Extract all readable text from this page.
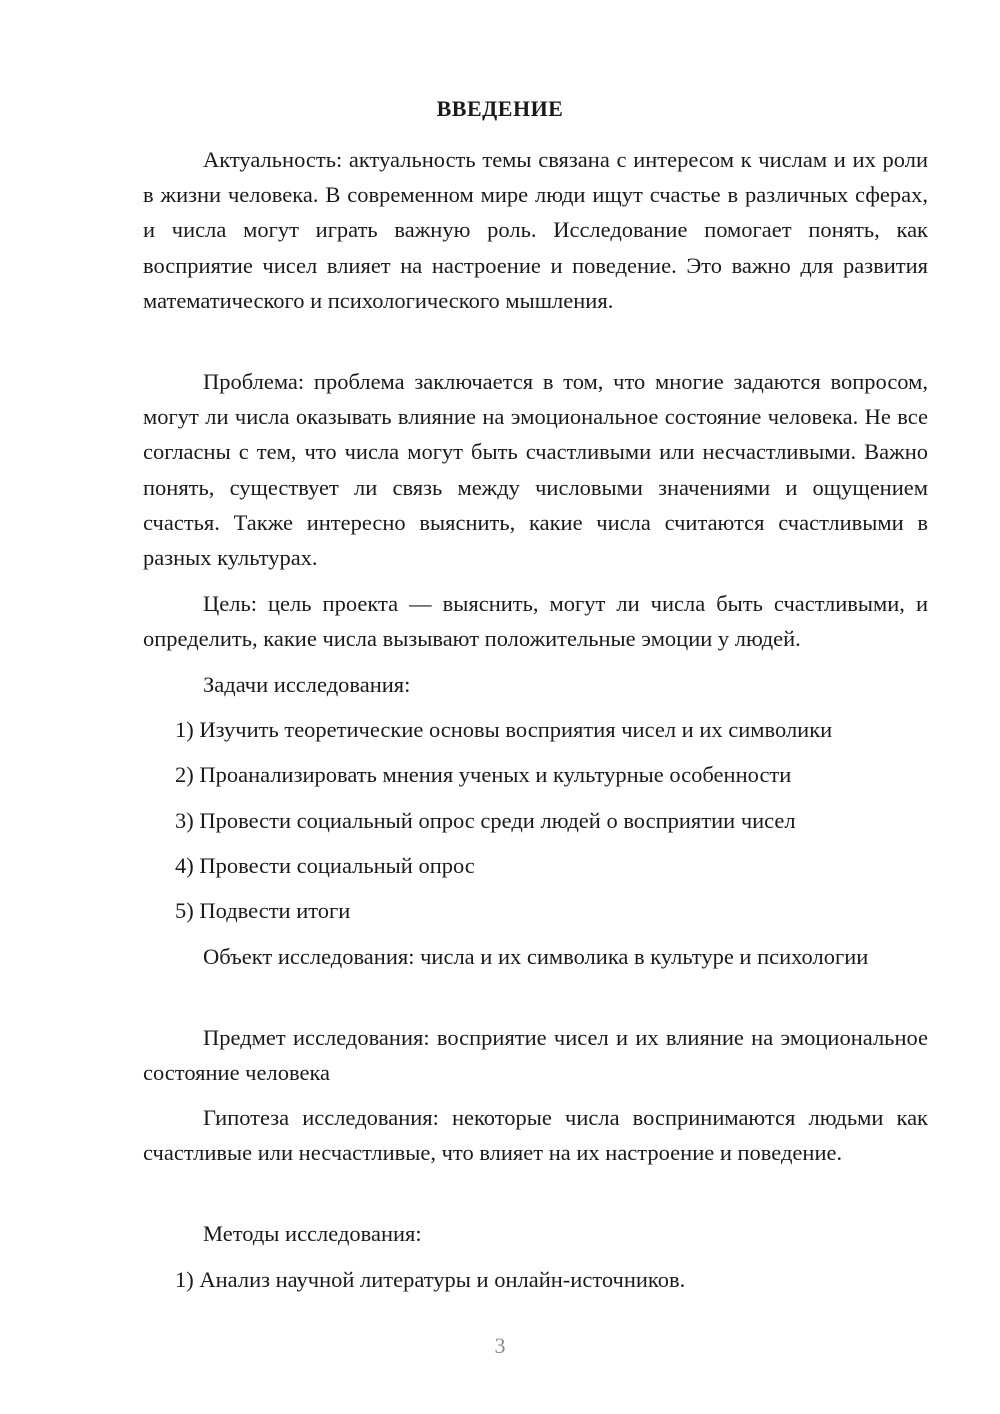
ВВЕДЕНИЕ
Актуальность: актуальность темы связана с интересом к числам и их роли в жизни человека. В современном мире люди ищут счастье в различных сферах, и числа могут играть важную роль. Исследование помогает понять, как восприятие чисел влияет на настроение и поведение. Это важно для развития математического и психологического мышления.
Проблема: проблема заключается в том, что многие задаются вопросом, могут ли числа оказывать влияние на эмоциональное состояние человека. Не все согласны с тем, что числа могут быть счастливыми или несчастливыми. Важно понять, существует ли связь между числовыми значениями и ощущением счастья. Также интересно выяснить, какие числа считаются счастливыми в разных культурах.
Цель: цель проекта — выяснить, могут ли числа быть счастливыми, и определить, какие числа вызывают положительные эмоции у людей.
Задачи исследования:
1) Изучить теоретические основы восприятия чисел и их символики
2) Проанализировать мнения ученых и культурные особенности
3) Провести социальный опрос среди людей о восприятии чисел
4) Провести социальный опрос
5) Подвести итоги
Объект исследования: числа и их символика в культуре и психологии
Предмет исследования: восприятие чисел и их влияние на эмоциональное состояние человека
Гипотеза исследования: некоторые числа воспринимаются людьми как счастливые или несчастливые, что влияет на их настроение и поведение.
Методы исследования:
1) Анализ научной литературы и онлайн-источников.
3
